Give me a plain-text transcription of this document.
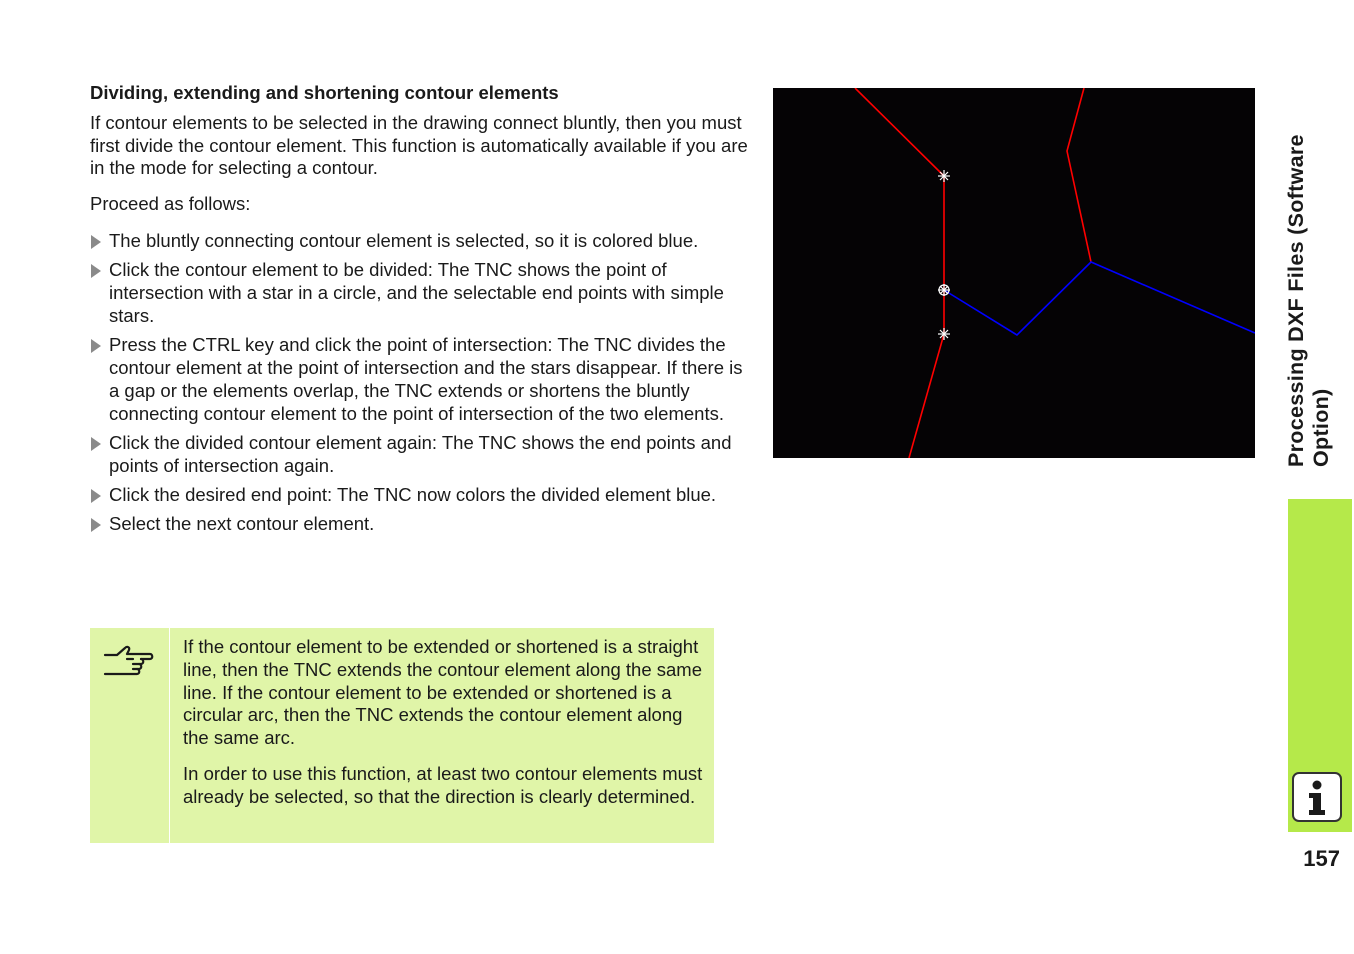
Dividing, extending and shortening contour elements

If contour elements to be selected in the drawing connect bluntly, then you must first divide the contour element. This function is automatically available if you are in the mode for selecting a contour.

Proceed as follows:

The bluntly connecting contour element is selected, so it is colored blue.
Click the contour element to be divided: The TNC shows the point of intersection with a star in a circle, and the selectable end points with simple stars.
Press the CTRL key and click the point of intersection: The TNC divides the contour element at the point of intersection and the stars disappear. If there is a gap or the elements overlap, the TNC extends or shortens the bluntly connecting contour element to the point of intersection of the two elements.
Click the divided contour element again: The TNC shows the end points and points of intersection again.
Click the desired end point: The TNC now colors the divided element blue.
Select the next contour element.

If the contour element to be extended or shortened is a straight line, then the TNC extends the contour element along the same line. If the contour element to be extended or shortened is a circular arc, then the TNC extends the contour element along the same arc.

In order to use this function, at least two contour elements must already be selected, so that the direction is clearly determined.

Processing DXF Files (Software Option)
157
